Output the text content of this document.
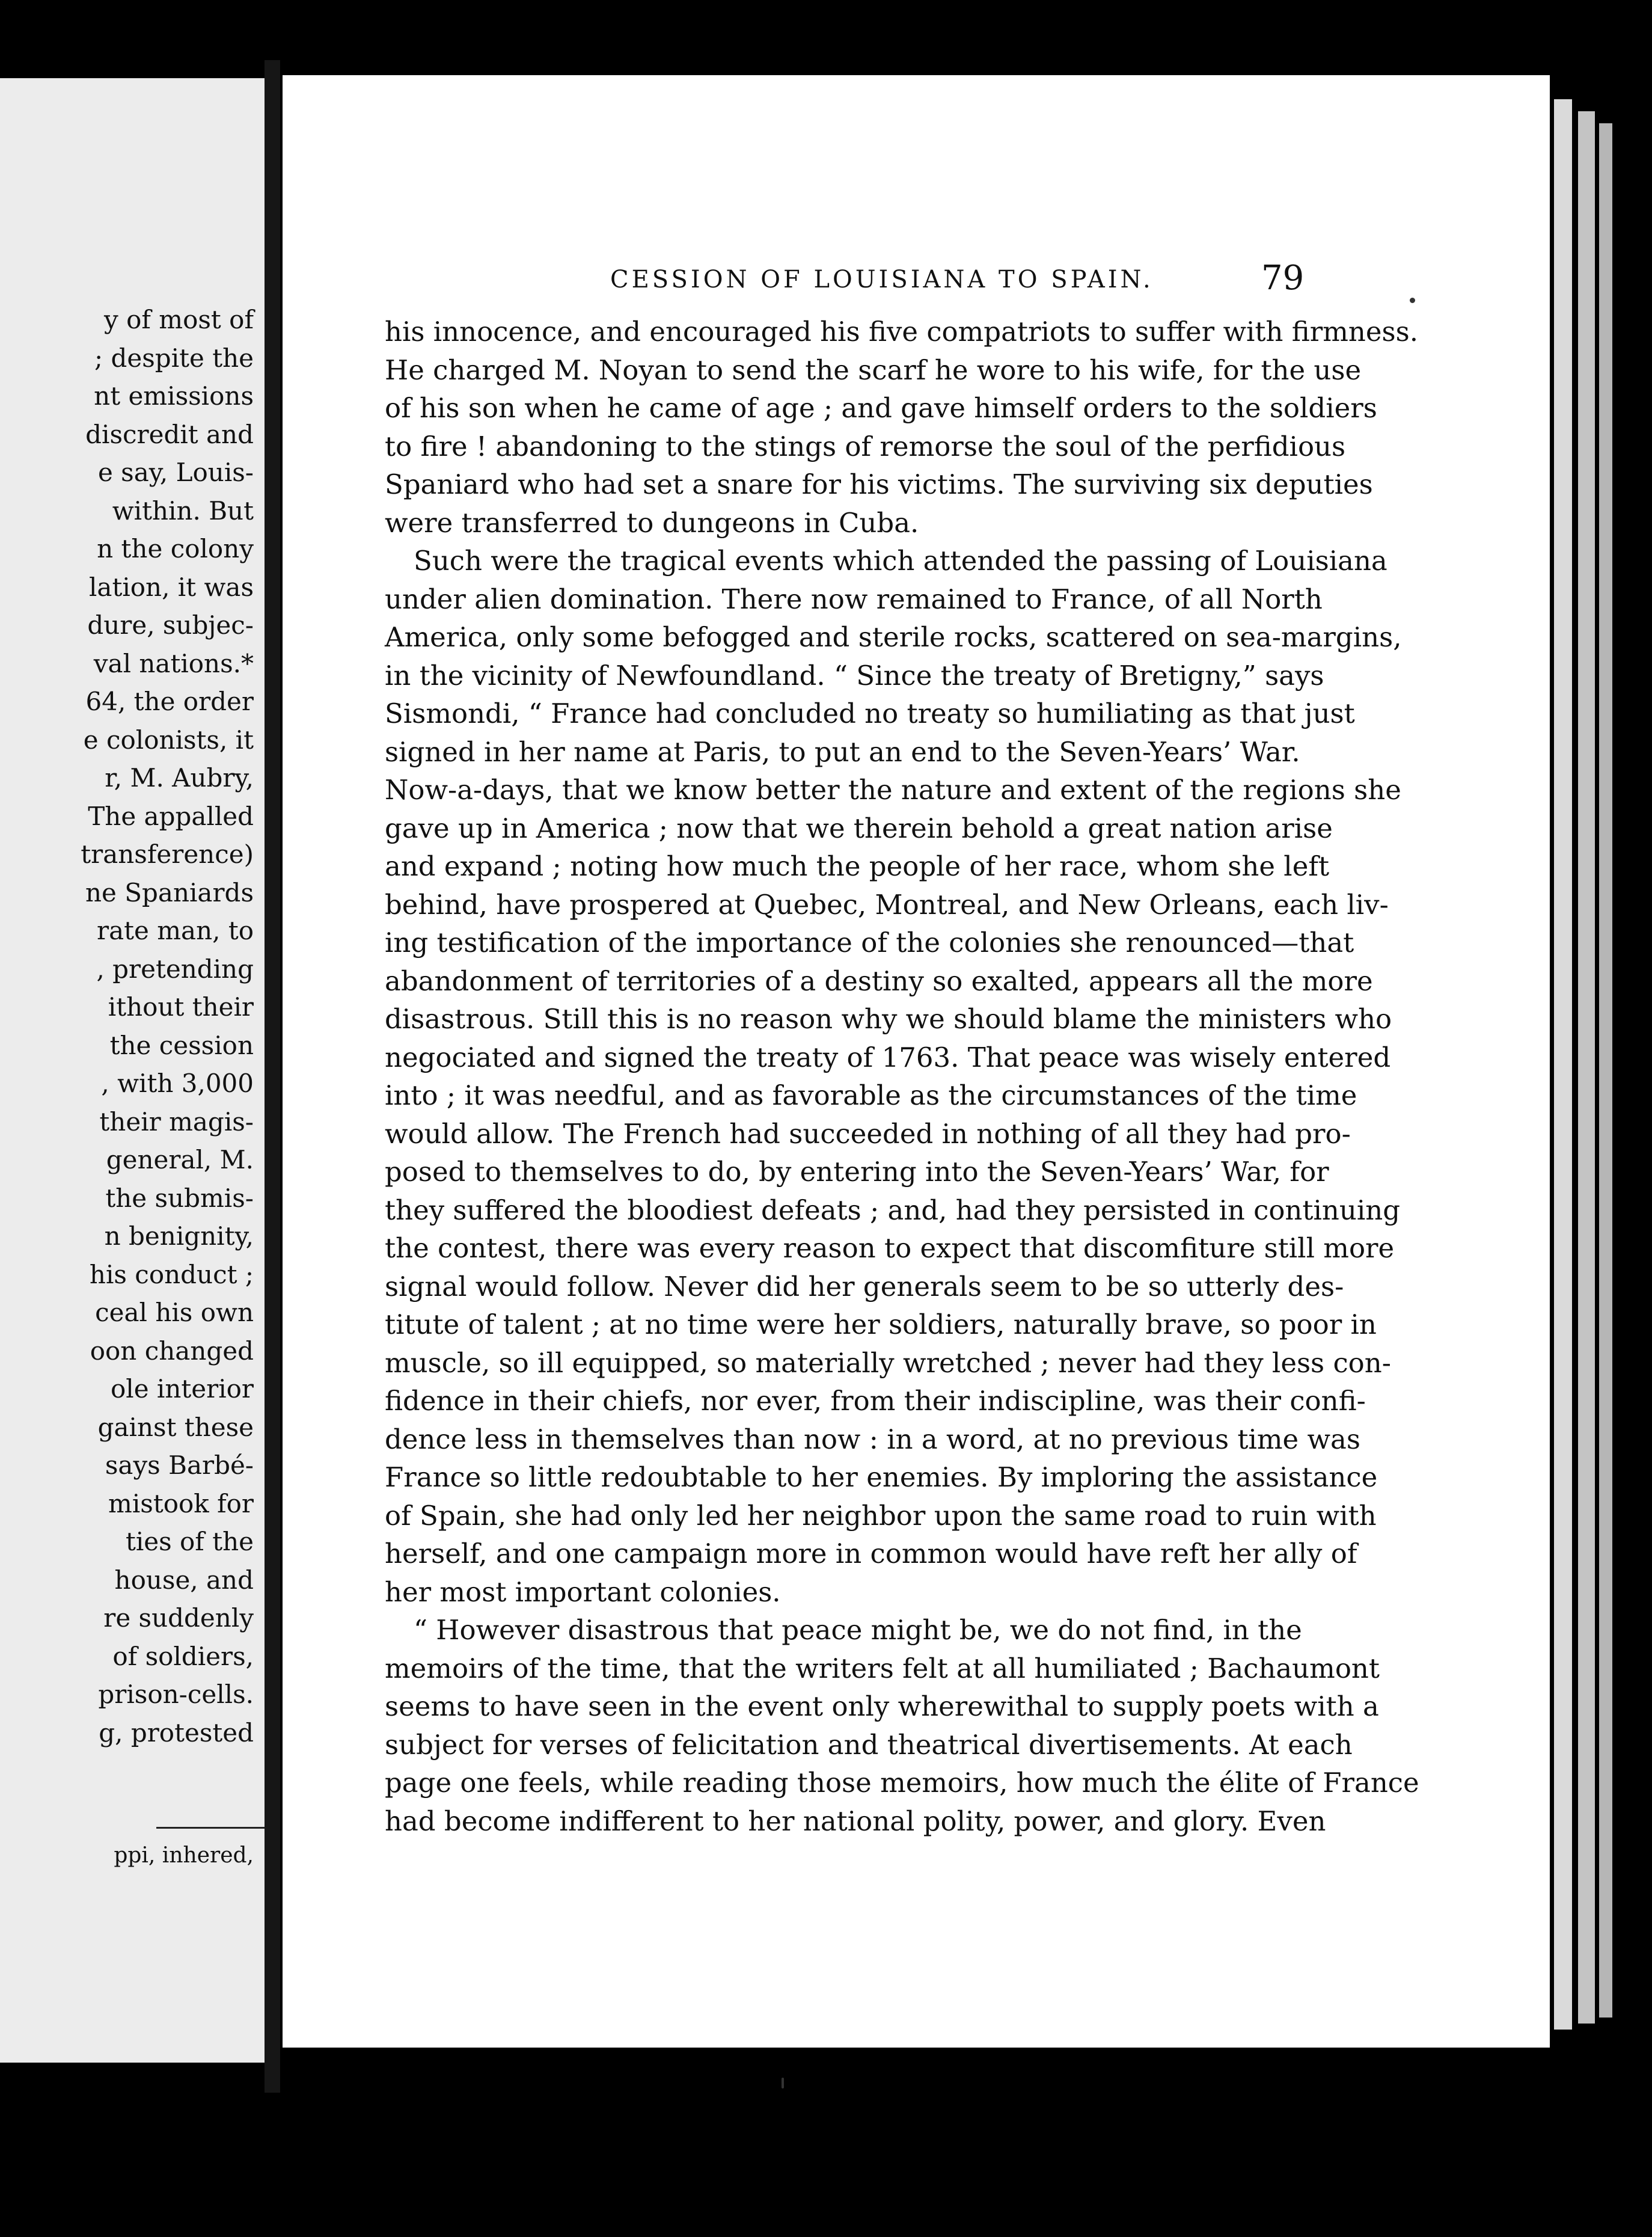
y of most of
; despite the
nt emissions
discredit and
e say, Louis-
within. But
n the colony
lation, it was
dure, subjec-
val nations.*
64, the order
e colonists, it
r, M. Aubry,
The appalled
transference)
ne Spaniards
rate man, to
, pretending
ithout their
the cession
, with 3,000
their magis-
general, M.
the submis-
n benignity,
his conduct ;
ceal his own
oon changed
ole interior
gainst these
says Barbé-
mistook for
ties of the
house, and
re suddenly
of soldiers,
prison-cells.
g, protested
ppi, inhered,
CESSION OF LOUISIANA TO SPAIN.	79
his innocence, and encouraged his five compatriots to suffer with firmness.
He charged M. Noyan to send the scarf he wore to his wife, for the use
of his son when he came of age ; and gave himself orders to the soldiers
to fire ! abandoning to the stings of remorse the soul of the perfidious
Spaniard who had set a snare for his victims. The surviving six deputies
were transferred to dungeons in Cuba.
Such were the tragical events which attended the passing of Louisiana
under alien domination. There now remained to France, of all North
America, only some befogged and sterile rocks, scattered on sea-margins,
in the vicinity of Newfoundland. “ Since the treaty of Bretigny,” says
Sismondi, “ France had concluded no treaty so humiliating as that just
signed in her name at Paris, to put an end to the Seven-Years’ War.
Now-a-days, that we know better the nature and extent of the regions she
gave up in America ; now that we therein behold a great nation arise
and expand ; noting how much the people of her race, whom she left
behind, have prospered at Quebec, Montreal, and New Orleans, each liv-
ing testification of the importance of the colonies she renounced—that
abandonment of territories of a destiny so exalted, appears all the more
disastrous. Still this is no reason why we should blame the ministers who
negociated and signed the treaty of 1763. That peace was wisely entered
into ; it was needful, and as favorable as the circumstances of the time
would allow. The French had succeeded in nothing of all they had pro-
posed to themselves to do, by entering into the Seven-Years’ War, for
they suffered the bloodiest defeats ; and, had they persisted in continuing
the contest, there was every reason to expect that discomfiture still more
signal would follow. Never did her generals seem to be so utterly des-
titute of talent ; at no time were her soldiers, naturally brave, so poor in
muscle, so ill equipped, so materially wretched ; never had they less con-
fidence in their chiefs, nor ever, from their indiscipline, was their confi-
dence less in themselves than now : in a word, at no previous time was
France so little redoubtable to her enemies. By imploring the assistance
of Spain, she had only led her neighbor upon the same road to ruin with
herself, and one campaign more in common would have reft her ally of
her most important colonies.
“ However disastrous that peace might be, we do not find, in the
memoirs of the time, that the writers felt at all humiliated ; Bachaumont
seems to have seen in the event only wherewithal to supply poets with a
subject for verses of felicitation and theatrical divertisements. At each
page one feels, while reading those memoirs, how much the élite of France
had become indifferent to her national polity, power, and glory. Even
